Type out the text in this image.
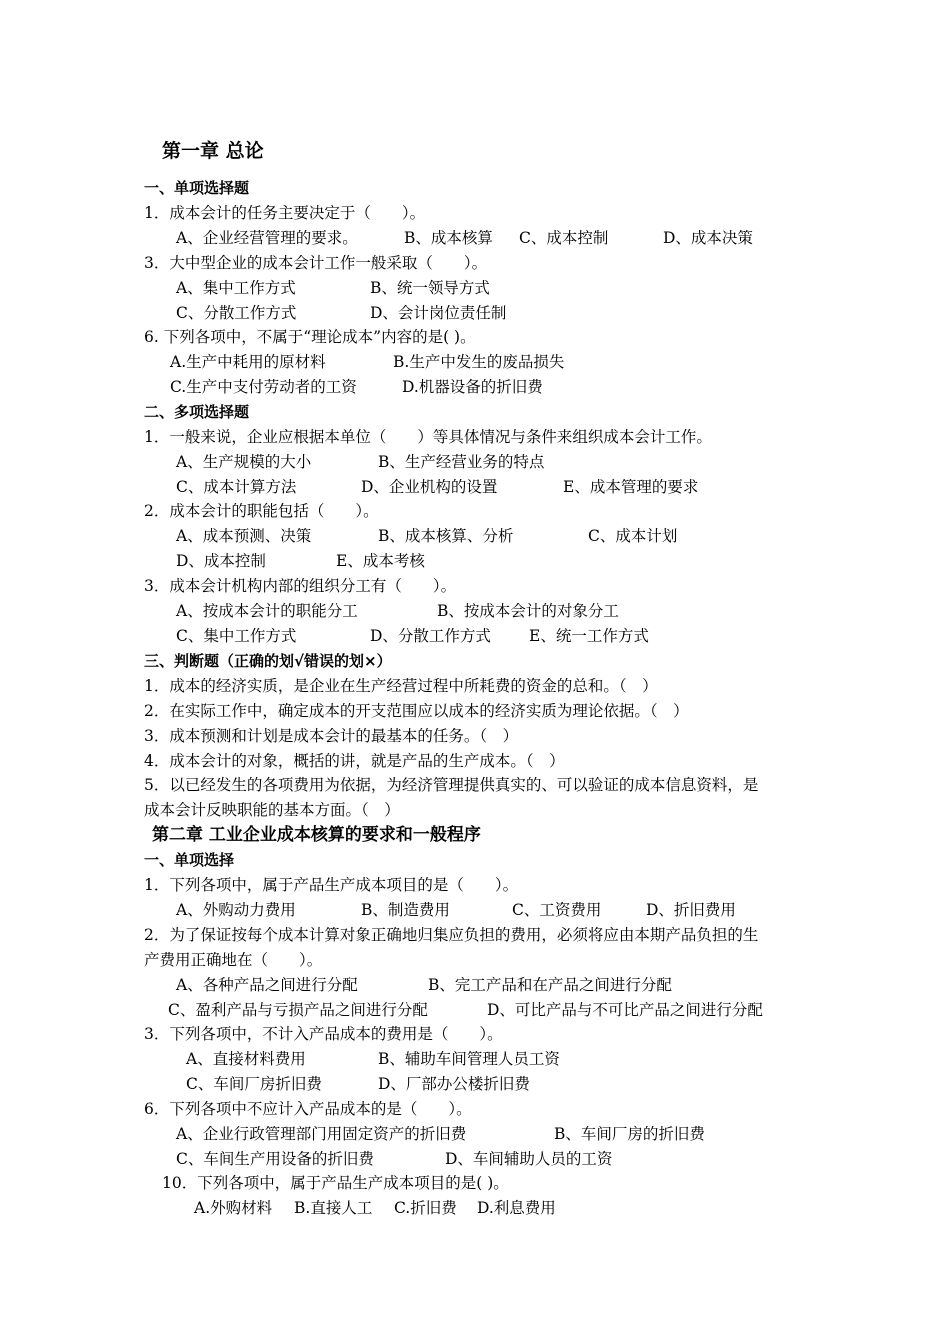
第一章 总论
一、单项选择题
1．成本会计的任务主要决定于（　　）。
A、企业经营管理的要求。	B、成本核算 C、成本控制	D、成本决策
3．大中型企业的成本会计工作一般采取（　　）。
A、集中工作方式	B、统一领导方式
C、分散工作方式	D、会计岗位责任制
6. 下列各项中，不属于“理论成本”内容的是( )。
A.生产中耗用的原材料	B.生产中发生的废品损失
C.生产中支付劳动者的工资	D.机器设备的折旧费
二、多项选择题
1．一般来说，企业应根据本单位（　　）等具体情况与条件来组织成本会计工作。
A、生产规模的大小	B、生产经营业务的特点
C、成本计算方法	D、企业机构的设置	E、成本管理的要求
2．成本会计的职能包括（　　）。
A、成本预测、决策	B、成本核算、分析	C、成本计划
D、成本控制	E、成本考核
3．成本会计机构内部的组织分工有（　　）。
A、按成本会计的职能分工	B、按成本会计的对象分工
C、集中工作方式	D、分散工作方式 E、统一工作方式
三、判断题（正确的划√错误的划×）
1．成本的经济实质，是企业在生产经营过程中所耗费的资金的总和。（　）
2．在实际工作中，确定成本的开支范围应以成本的经济实质为理论依据。（　）
3．成本预测和计划是成本会计的最基本的任务。（　）
4．成本会计的对象，概括的讲，就是产品的生产成本。（　）
5．以已经发生的各项费用为依据，为经济管理提供真实的、可以验证的成本信息资料，是
成本会计反映职能的基本方面。（　）
第二章 工业企业成本核算的要求和一般程序
一、单项选择
1．下列各项中，属于产品生产成本项目的是（　　）。
A、外购动力费用	B、制造费用	C、工资费用	D、折旧费用
2．为了保证按每个成本计算对象正确地归集应负担的费用，必须将应由本期产品负担的生
产费用正确地在（　　）。
A、各种产品之间进行分配	B、完工产品和在产品之间进行分配
C、盈利产品与亏损产品之间进行分配	D、可比产品与不可比产品之间进行分配
3．下列各项中，不计入产品成本的费用是（　　）。
A、直接材料费用	B、辅助车间管理人员工资
C、车间厂房折旧费	D、厂部办公楼折旧费
6．下列各项中不应计入产品成本的是（　　）。
A、企业行政管理部门用固定资产的折旧费	B、车间厂房的折旧费
C、车间生产用设备的折旧费	D、车间辅助人员的工资
10．下列各项中，属于产品生产成本项目的是( )。
A.外购材料 B.直接人工 C.折旧费 D.利息费用
